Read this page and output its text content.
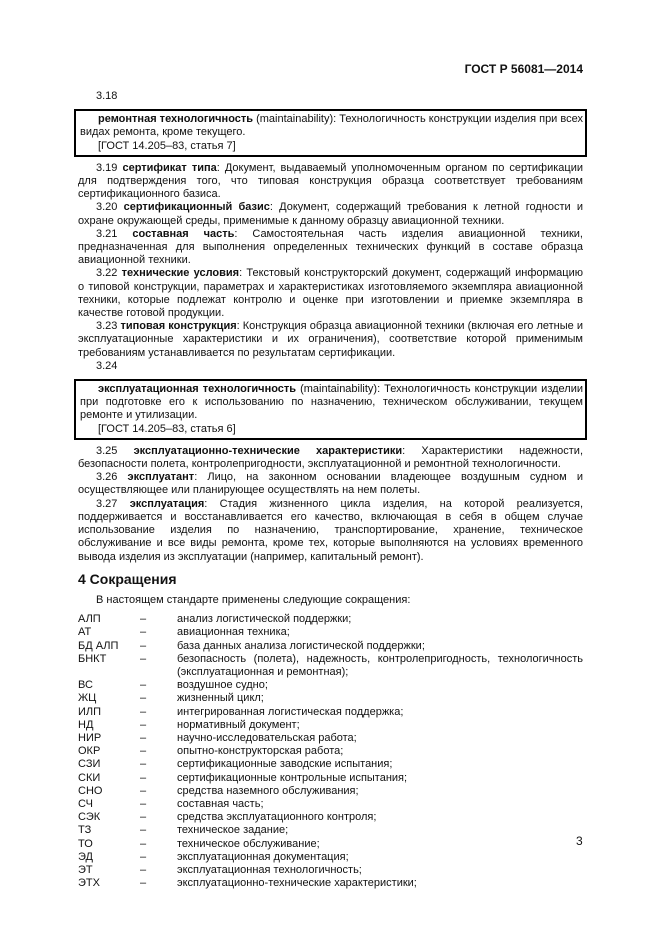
ГОСТ Р 56081—2014

3.18

ремонтная технологичность (maintainability): Технологичность конструкции изделия при всех видах ремонта, кроме текущего.

[ГОСТ 14.205–83, статья 7]

3.19 сертификат типа: Документ, выдаваемый уполномоченным органом по сертификации для подтверждения того, что типовая конструкция образца соответствует требованиям сертификационного базиса.

3.20 сертификационный базис: Документ, содержащий требования к летной годности и охране окружающей среды, применимые к данному образцу авиационной техники.

3.21 составная часть: Самостоятельная часть изделия авиационной техники, предназначенная для выполнения определенных технических функций в составе образца авиационной техники.

3.22 технические условия: Текстовый конструкторский документ, содержащий информацию о типовой конструкции, параметрах и характеристиках изготовляемого экземпляра авиационной техники, которые подлежат контролю и оценке при изготовлении и приемке экземпляра в качестве готовой продукции.

3.23 типовая конструкция: Конструкция образца авиационной техники (включая его летные и эксплуатационные характеристики и их ограничения), соответствие которой применимым требованиям устанавливается по результатам сертификации.

3.24

эксплуатационная технологичность (maintainability): Технологичность конструкции изделии при подготовке его к использованию по назначению, техническом обслуживании, текущем ремонте и утилизации.

[ГОСТ 14.205–83, статья 6]

3.25 эксплуатационно-технические характеристики: Характеристики надежности, безопасности полета, контролепригодности, эксплуатационной и ремонтной технологичности.

3.26 эксплуатант: Лицо, на законном основании владеющее воздушным судном и осуществляющее или планирующее осуществлять на нем полеты.

3.27 эксплуатация: Стадия жизненного цикла изделия, на которой реализуется, поддерживается и восстанавливается его качество, включающая в себя в общем случае использование изделия по назначению, транспортирование, хранение, техническое обслуживание и все виды ремонта, кроме тех, которые выполняются на условиях временного вывода изделия из эксплуатации (например, капитальный ремонт).

4 Сокращения

В настоящем стандарте применены следующие сокращения:

АЛП	–	анализ логистической поддержки;
АТ	–	авиационная техника;
БД АЛП	–	база данных анализа логистической поддержки;
БНКТ	–	безопасность (полета), надежность, контролепригодность, технологичность (эксплуатационная и ремонтная);
ВС	–	воздушное судно;
ЖЦ	–	жизненный цикл;
ИЛП	–	интегрированная логистическая поддержка;
НД	–	нормативный документ;
НИР	–	научно-исследовательская работа;
ОКР	–	опытно-конструкторская работа;
СЗИ	–	сертификационные заводские испытания;
СКИ	–	сертификационные контрольные испытания;
СНО	–	средства наземного обслуживания;
СЧ	–	составная часть;
СЭК	–	средства эксплуатационного контроля;
ТЗ	–	техническое задание;
ТО	–	техническое обслуживание;
ЭД	–	эксплуатационная документация;
ЭТ	–	эксплуатационная технологичность;
ЭТХ	–	эксплуатационно-технические характеристики;
3
